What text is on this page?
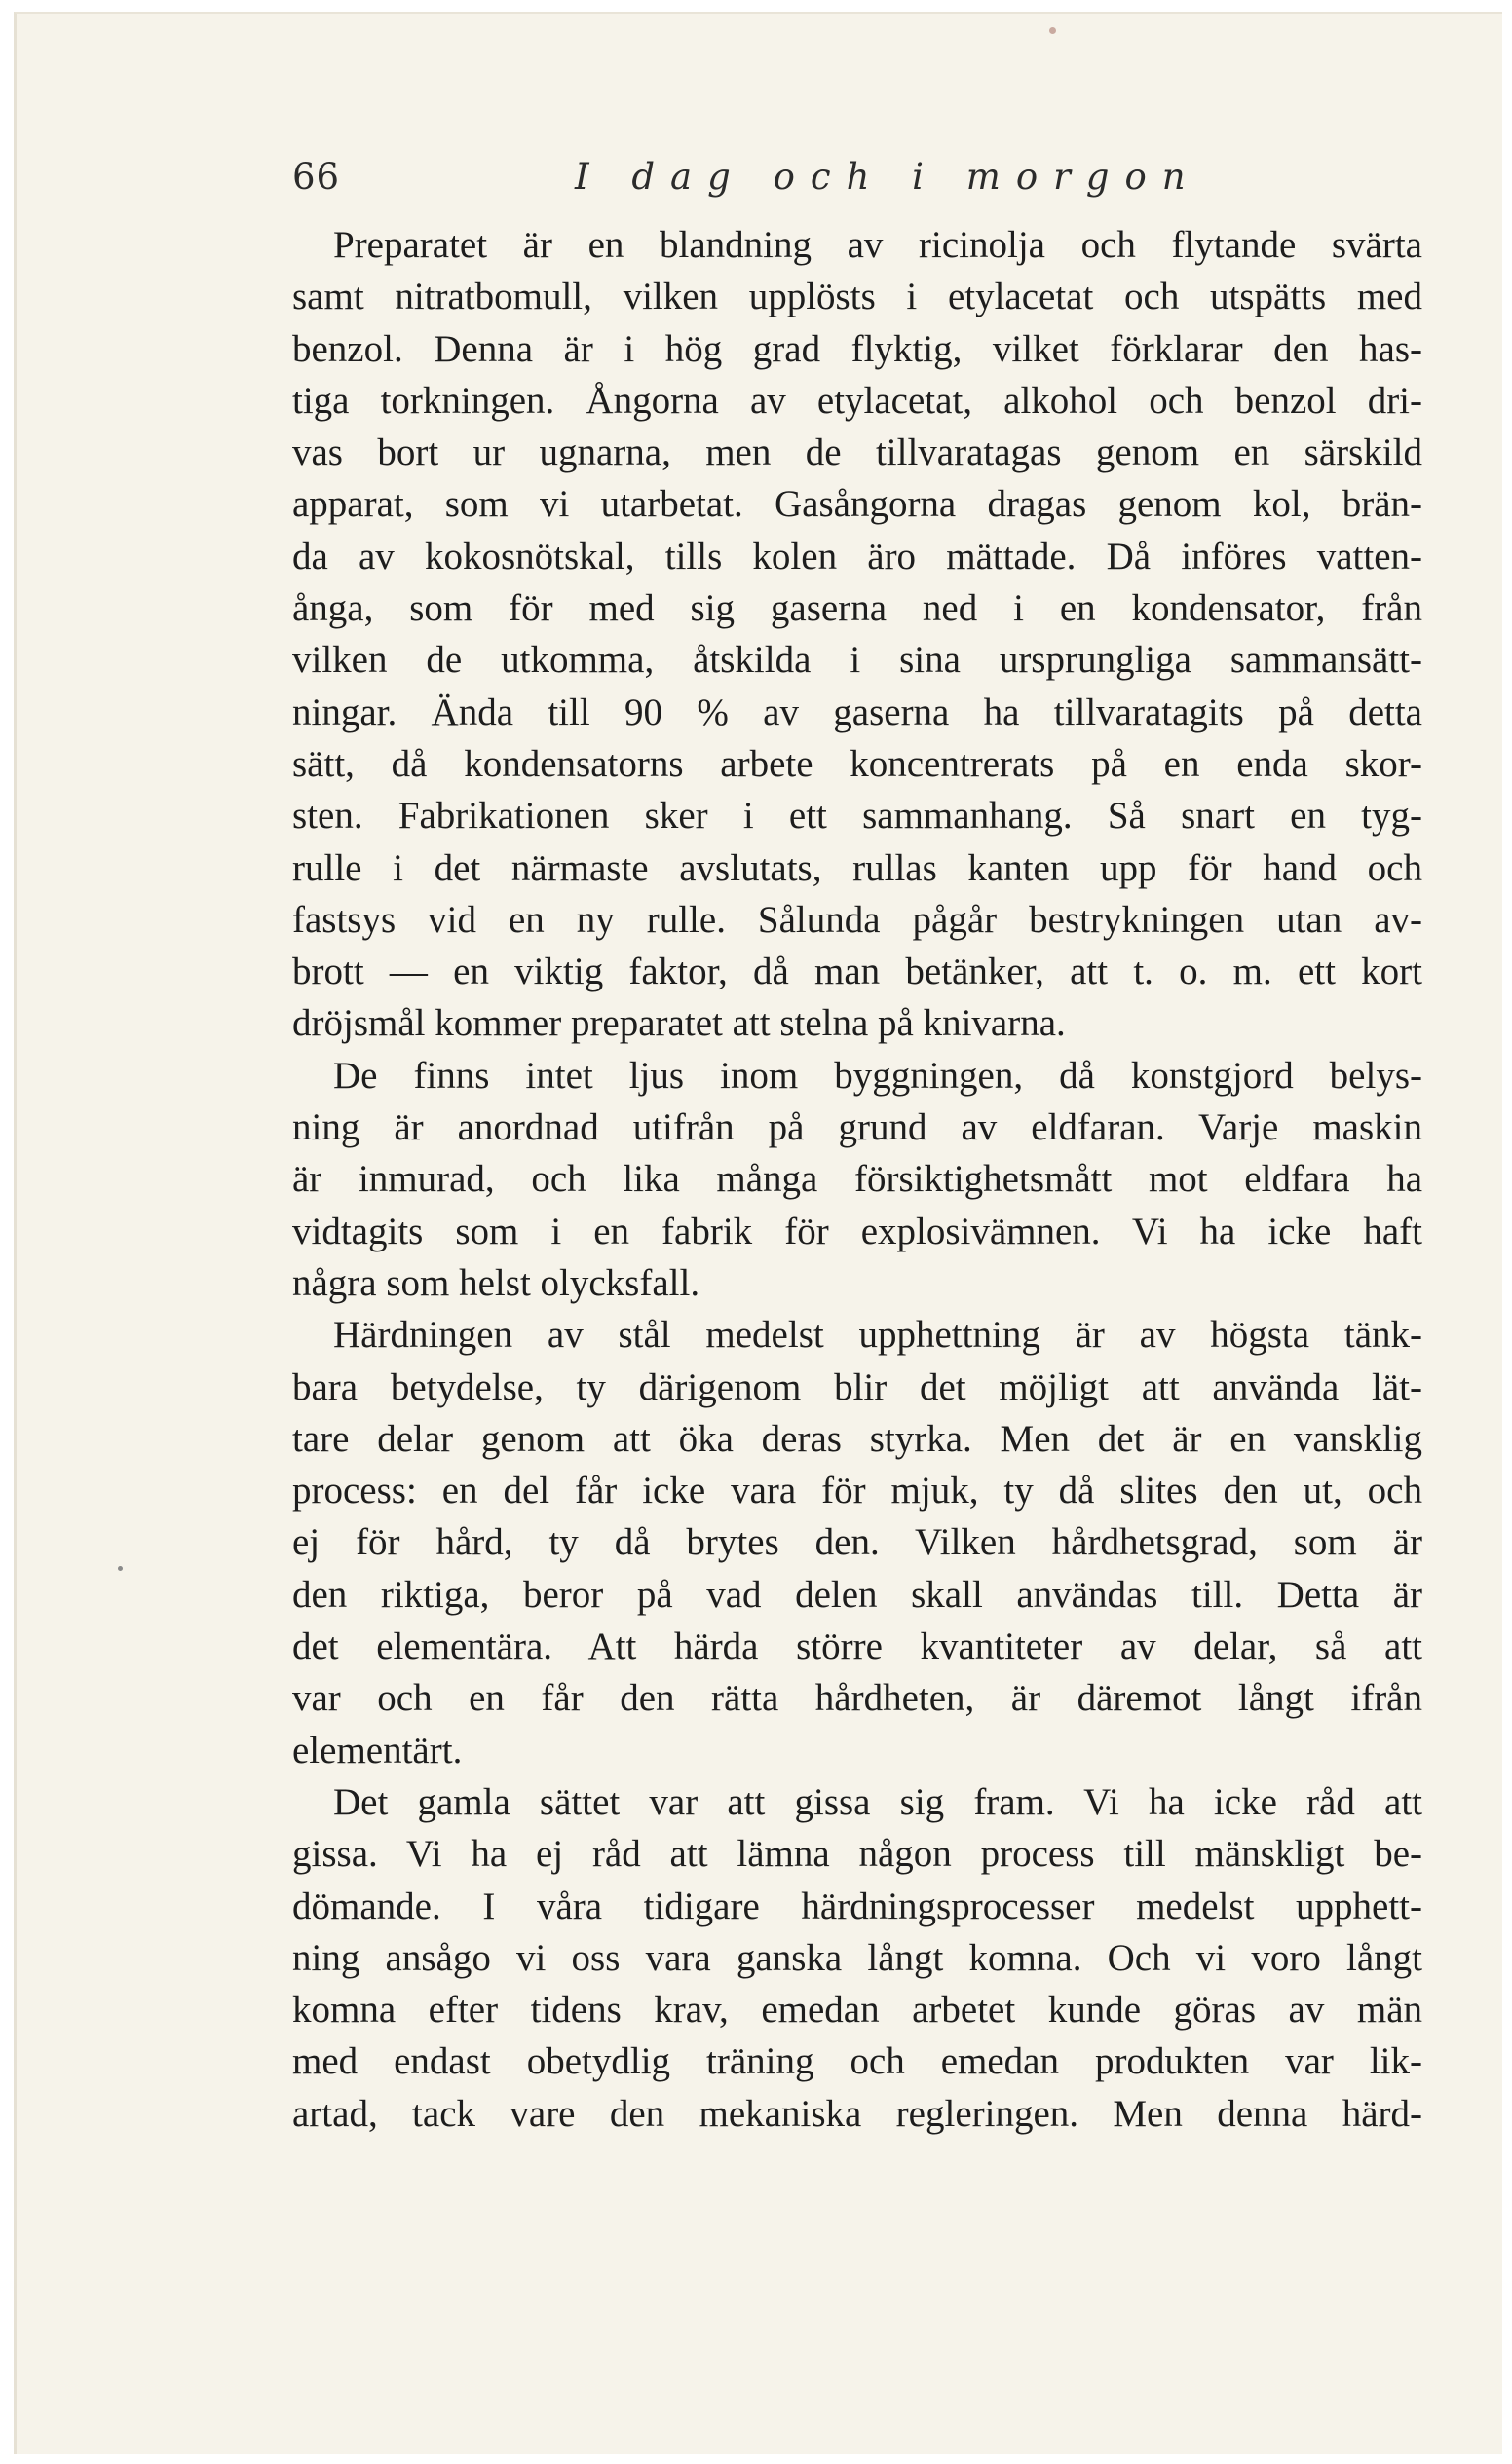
66	I dag och i morgon
Preparatet är en blandning av ricinolja och flytande svärta
samt nitratbomull, vilken upplösts i etylacetat och utspätts med
benzol. Denna är i hög grad flyktig, vilket förklarar den has-
tiga torkningen. Ångorna av etylacetat, alkohol och benzol dri-
vas bort ur ugnarna, men de tillvaratagas genom en särskild
apparat, som vi utarbetat. Gasångorna dragas genom kol, brän-
da av kokosnötskal, tills kolen äro mättade. Då införes vatten-
ånga, som för med sig gaserna ned i en kondensator, från
vilken de utkomma, åtskilda i sina ursprungliga sammansätt-
ningar. Ända till 90 % av gaserna ha tillvaratagits på detta
sätt, då kondensatorns arbete koncentrerats på en enda skor-
sten. Fabrikationen sker i ett sammanhang. Så snart en tyg-
rulle i det närmaste avslutats, rullas kanten upp för hand och
fastsys vid en ny rulle. Sålunda pågår bestrykningen utan av-
brott — en viktig faktor, då man betänker, att t. o. m. ett kort
dröjsmål kommer preparatet att stelna på knivarna.
De finns intet ljus inom byggningen, då konstgjord belys-
ning är anordnad utifrån på grund av eldfaran. Varje maskin
är inmurad, och lika många försiktighetsmått mot eldfara ha
vidtagits som i en fabrik för explosivämnen. Vi ha icke haft
några som helst olycksfall.
Härdningen av stål medelst upphettning är av högsta tänk-
bara betydelse, ty därigenom blir det möjligt att använda lät-
tare delar genom att öka deras styrka. Men det är en vansklig
process: en del får icke vara för mjuk, ty då slites den ut, och
ej för hård, ty då brytes den. Vilken hårdhetsgrad, som är
den riktiga, beror på vad delen skall användas till. Detta är
det elementära. Att härda större kvantiteter av delar, så att
var och en får den rätta hårdheten, är däremot långt ifrån
elementärt.
Det gamla sättet var att gissa sig fram. Vi ha icke råd att
gissa. Vi ha ej råd att lämna någon process till mänskligt be-
dömande. I våra tidigare härdningsprocesser medelst upphett-
ning ansågo vi oss vara ganska långt komna. Och vi voro långt
komna efter tidens krav, emedan arbetet kunde göras av män
med endast obetydlig träning och emedan produkten var lik-
artad, tack vare den mekaniska regleringen. Men denna härd-
